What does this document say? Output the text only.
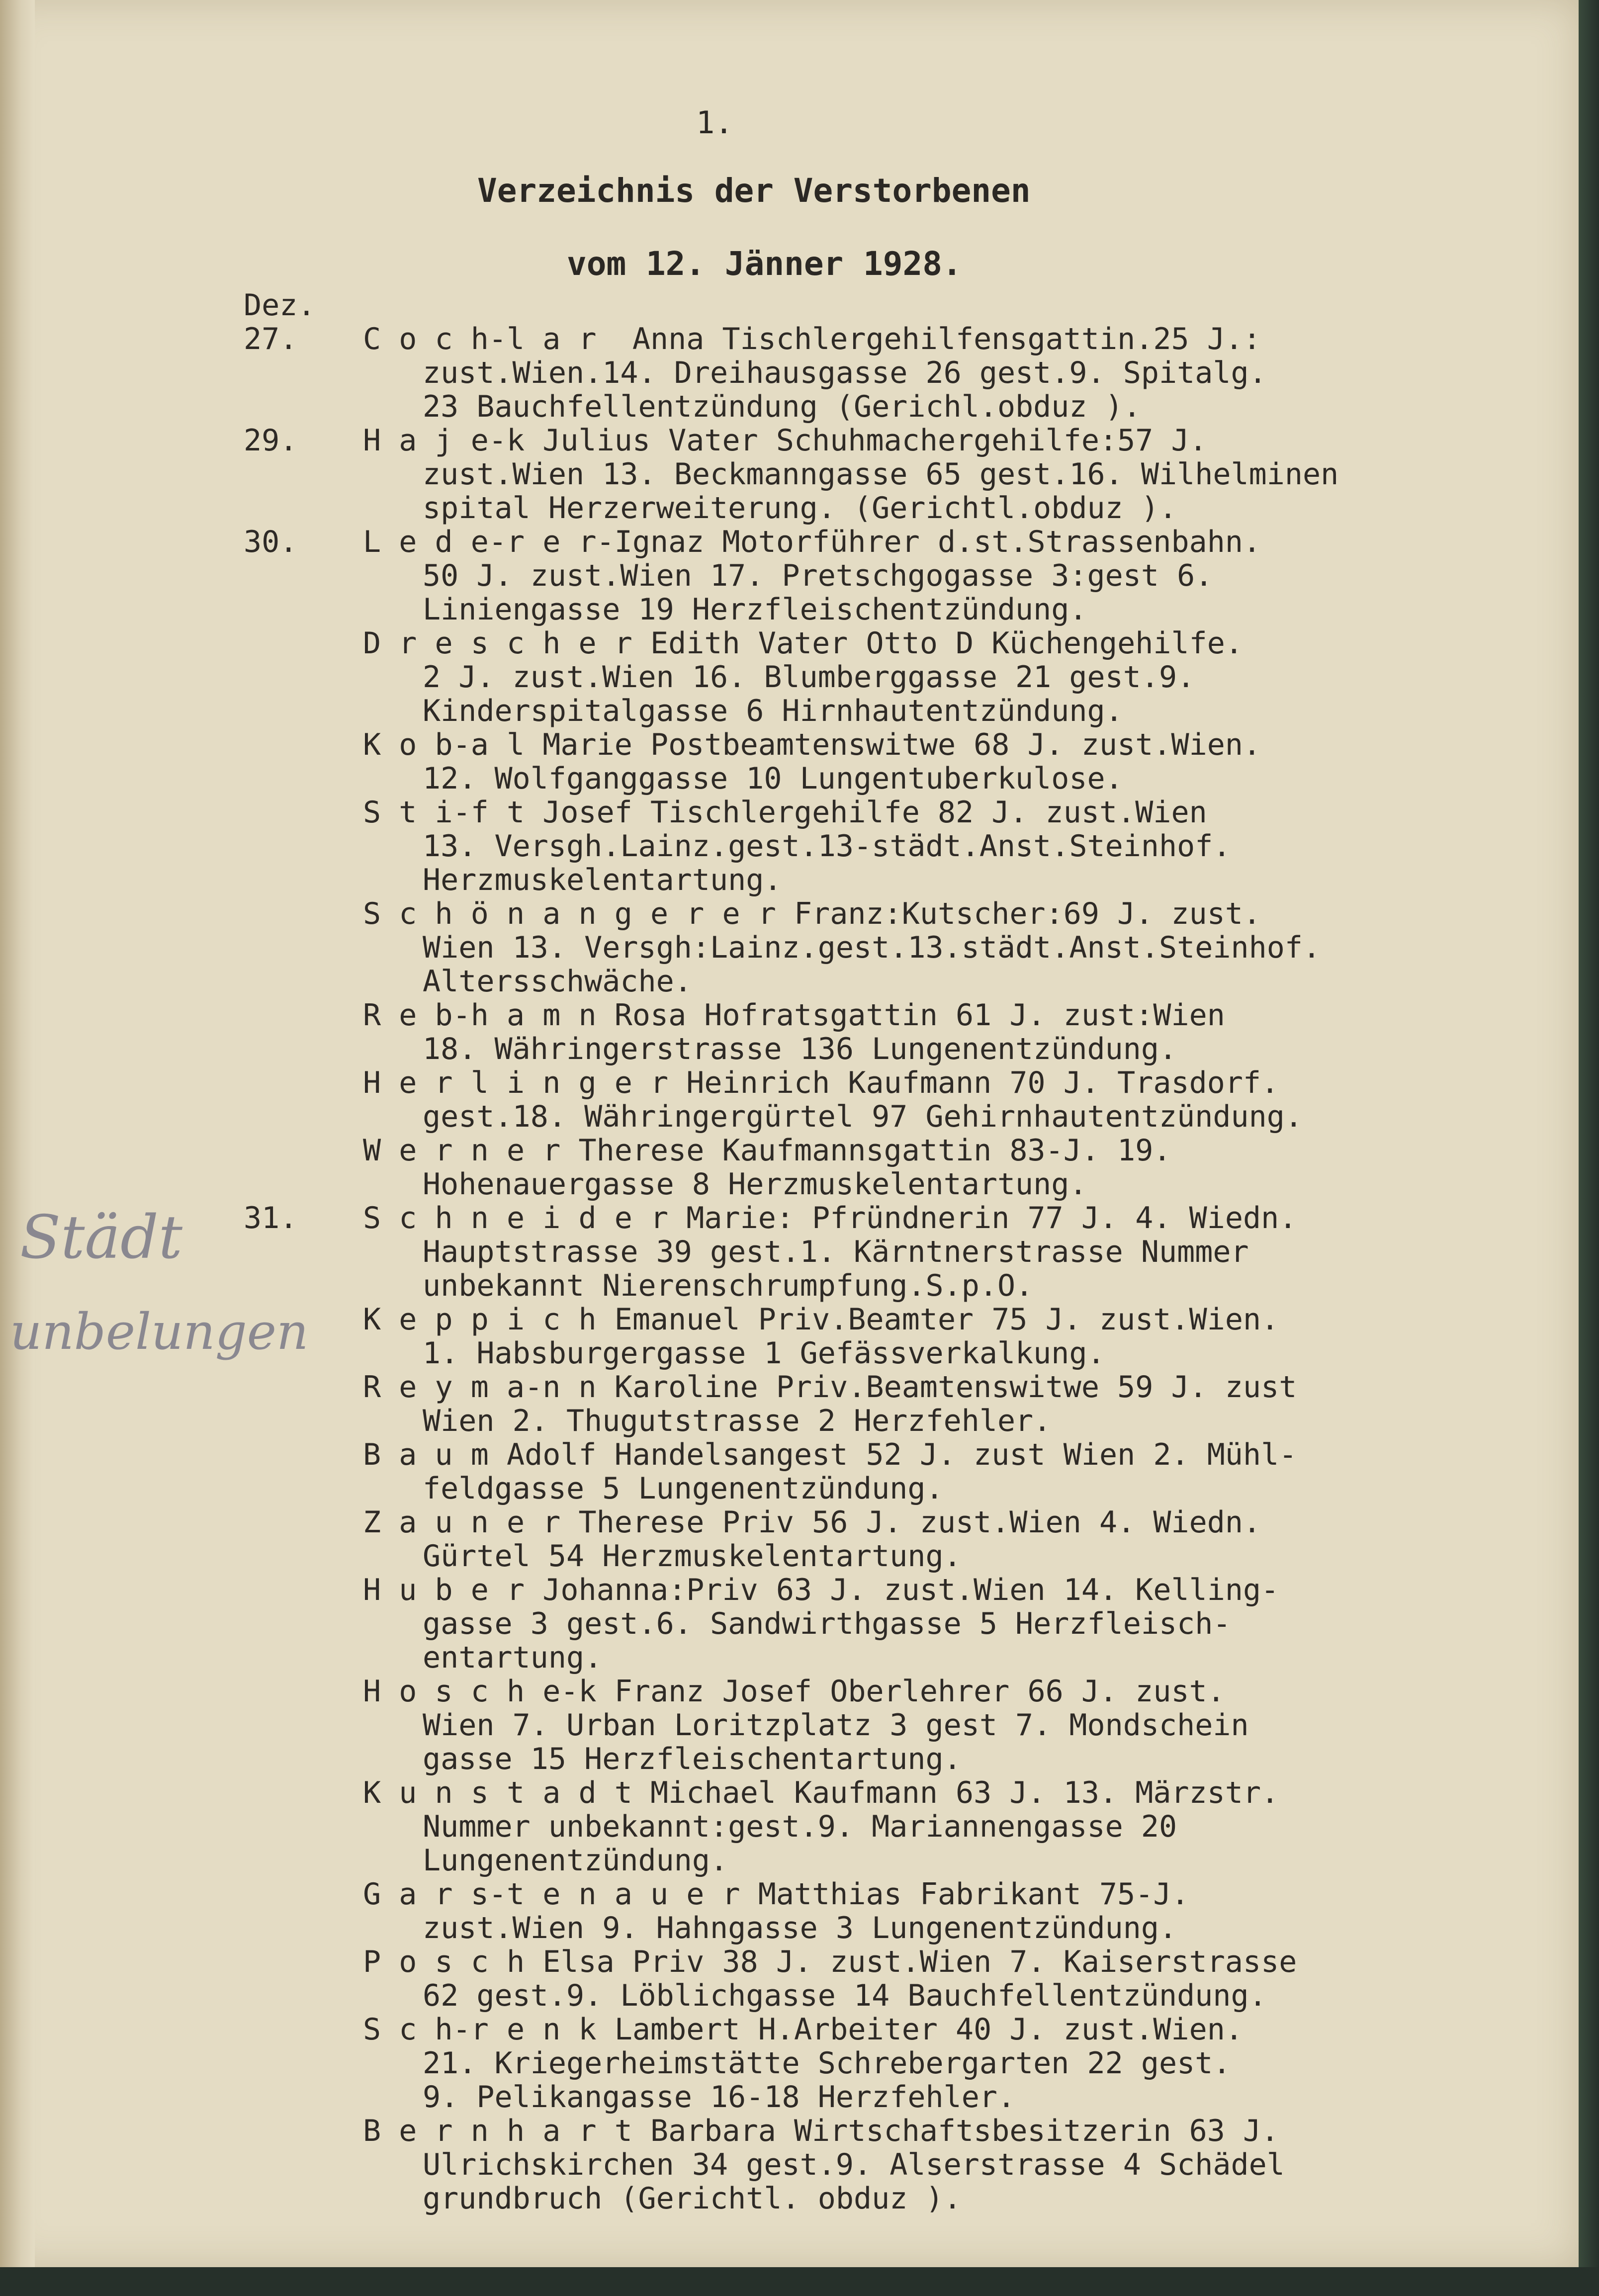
1.
Verzeichnis der Verstorbenen
vom 12. Jänner 1928.
Städt
unbelungen
Dez.
27. C o c h-l a r  Anna Tischlergehilfensgattin.25 J.:
zust.Wien.14. Dreihausgasse 26 gest.9. Spitalg.
23 Bauchfellentzündung (Gerichl.obduz ).
29. H a j e-k Julius Vater Schuhmachergehilfe:57 J.
zust.Wien 13. Beckmanngasse 65 gest.16. Wilhelminen
spital Herzerweiterung. (Gerichtl.obduz ).
30. L e d e-r e r-Ignaz Motorführer d.st.Strassenbahn.
50 J. zust.Wien 17. Pretschgogasse 3:gest 6.
Liniengasse 19 Herzfleischentzündung.
D r e s c h e r Edith Vater Otto D Küchengehilfe.
2 J. zust.Wien 16. Blumberggasse 21 gest.9.
Kinderspitalgasse 6 Hirnhautentzündung.
K o b-a l Marie Postbeamtenswitwe 68 J. zust.Wien.
12. Wolfganggasse 10 Lungentuberkulose.
S t i-f t Josef Tischlergehilfe 82 J. zust.Wien
13. Versgh.Lainz.gest.13-städt.Anst.Steinhof.
Herzmuskelentartung.
S c h ö n a n g e r e r Franz:Kutscher:69 J. zust.
Wien 13. Versgh:Lainz.gest.13.städt.Anst.Steinhof.
Altersschwäche.
R e b-h a m n Rosa Hofratsgattin 61 J. zust:Wien
18. Währingerstrasse 136 Lungenentzündung.
H e r l i n g e r Heinrich Kaufmann 70 J. Trasdorf.
gest.18. Währingergürtel 97 Gehirnhautentzündung.
W e r n e r Therese Kaufmannsgattin 83-J. 19.
Hohenauergasse 8 Herzmuskelentartung.
31. S c h n e i d e r Marie: Pfründnerin 77 J. 4. Wiedn.
Hauptstrasse 39 gest.1. Kärntnerstrasse Nummer
unbekannt Nierenschrumpfung.S.p.O.
K e p p i c h Emanuel Priv.Beamter 75 J. zust.Wien.
1. Habsburgergasse 1 Gefässverkalkung.
R e y m a-n n Karoline Priv.Beamtenswitwe 59 J. zust
Wien 2. Thugutstrasse 2 Herzfehler.
B a u m Adolf Handelsangest 52 J. zust Wien 2. Mühl-
feldgasse 5 Lungenentzündung.
Z a u n e r Therese Priv 56 J. zust.Wien 4. Wiedn.
Gürtel 54 Herzmuskelentartung.
H u b e r Johanna:Priv 63 J. zust.Wien 14. Kelling-
gasse 3 gest.6. Sandwirthgasse 5 Herzfleisch-
entartung.
H o s c h e-k Franz Josef Oberlehrer 66 J. zust.
Wien 7. Urban Loritzplatz 3 gest 7. Mondschein
gasse 15 Herzfleischentartung.
K u n s t a d t Michael Kaufmann 63 J. 13. Märzstr.
Nummer unbekannt:gest.9. Mariannengasse 20
Lungenentzündung.
G a r s-t e n a u e r Matthias Fabrikant 75-J.
zust.Wien 9. Hahngasse 3 Lungenentzündung.
P o s c h Elsa Priv 38 J. zust.Wien 7. Kaiserstrasse
62 gest.9. Löblichgasse 14 Bauchfellentzündung.
S c h-r e n k Lambert H.Arbeiter 40 J. zust.Wien.
21. Kriegerheimstätte Schrebergarten 22 gest.
9. Pelikangasse 16-18 Herzfehler.
B e r n h a r t Barbara Wirtschaftsbesitzerin 63 J.
Ulrichskirchen 34 gest.9. Alserstrasse 4 Schädel
grundbruch (Gerichtl. obduz ).
